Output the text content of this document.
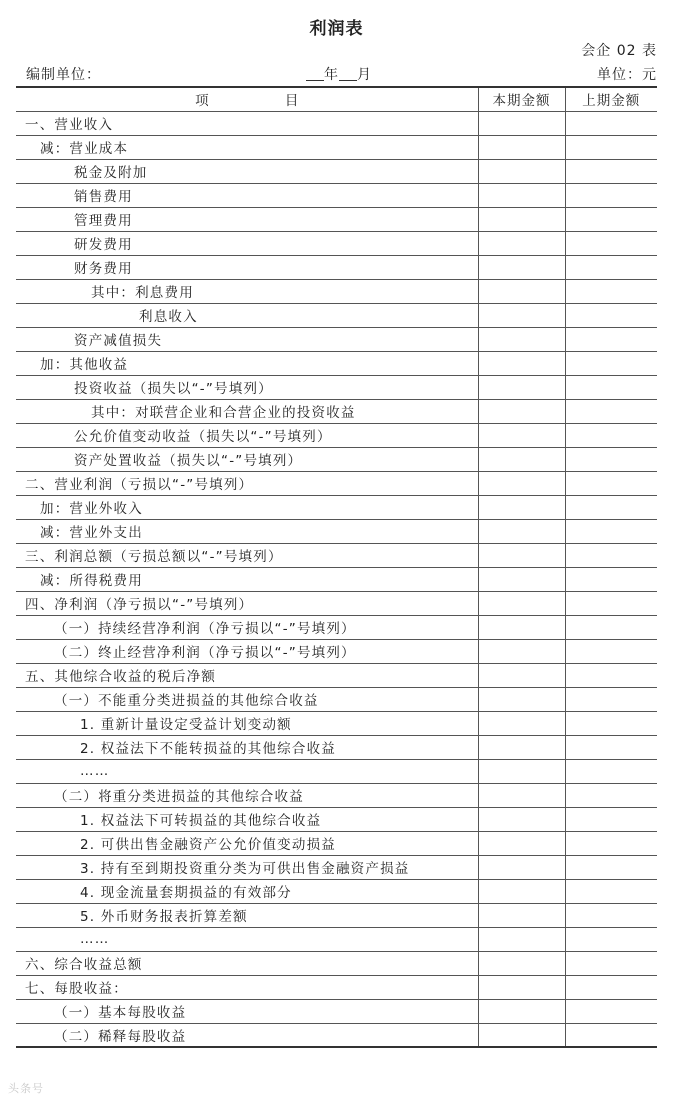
利润表
会企 02 表
编制单位：	年 月	单位：元
项 目	本期金额	上期金额
一、营业收入		
减：营业成本		
税金及附加		
销售费用		
管理费用		
研发费用		
财务费用		
其中：利息费用		
利息收入		
资产减值损失		
加：其他收益		
投资收益（损失以“-”号填列）		
其中：对联营企业和合营企业的投资收益		
公允价值变动收益（损失以“-”号填列）		
资产处置收益（损失以“-”号填列）		
二、营业利润（亏损以“-”号填列）		
加：营业外收入		
减：营业外支出		
三、利润总额（亏损总额以“-”号填列）		
减：所得税费用		
四、净利润（净亏损以“-”号填列）		
（一）持续经营净利润（净亏损以“-”号填列）		
（二）终止经营净利润（净亏损以“-”号填列）		
五、其他综合收益的税后净额		
（一）不能重分类进损益的其他综合收益		
1. 重新计量设定受益计划变动额		
2. 权益法下不能转损益的其他综合收益		
……		
（二）将重分类进损益的其他综合收益		
1. 权益法下可转损益的其他综合收益		
2. 可供出售金融资产公允价值变动损益		
3. 持有至到期投资重分类为可供出售金融资产损益		
4. 现金流量套期损益的有效部分		
5. 外币财务报表折算差额		
……		
六、综合收益总额		
七、每股收益：		
（一）基本每股收益		
（二）稀释每股收益		
头条号
